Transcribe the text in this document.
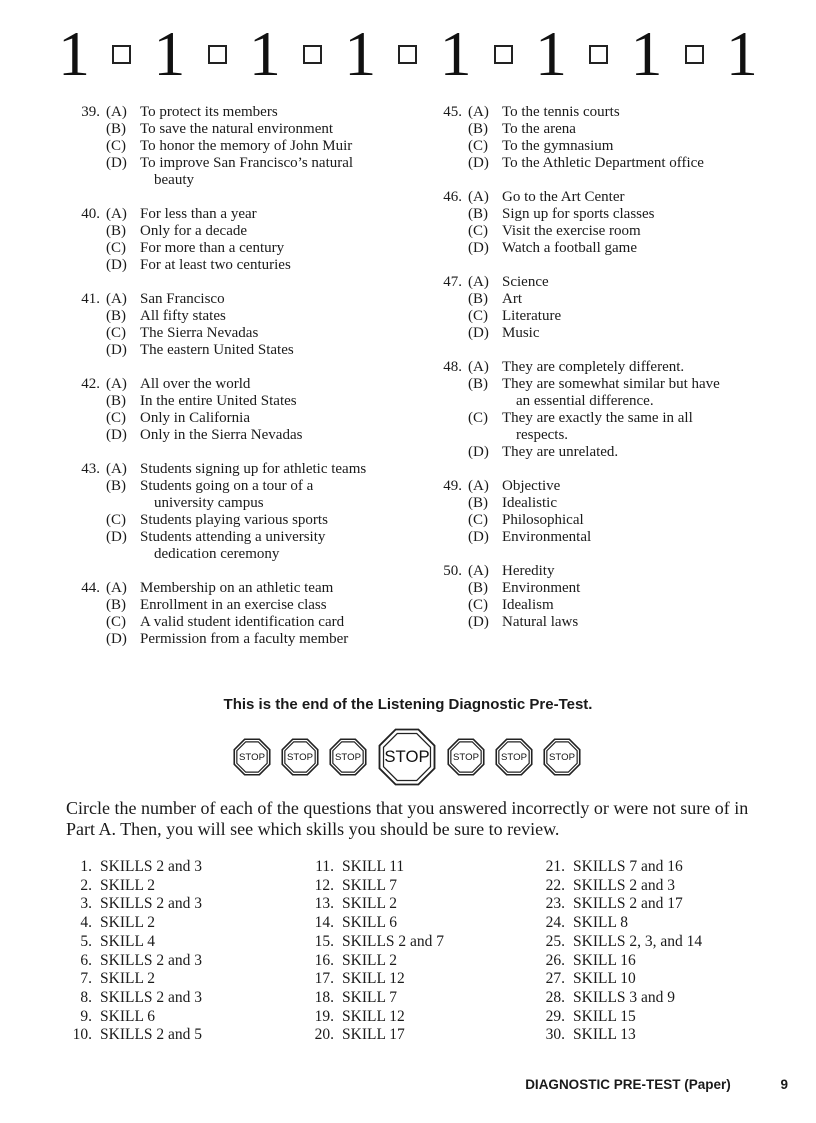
1 1 1 1 1 1 1 1
39. (A) To protect its members
(B) To save the natural environment
(C) To honor the memory of John Muir
(D) To improve San Francisco’s natural
beauty
40. (A) For less than a year
(B) Only for a decade
(C) For more than a century
(D) For at least two centuries
41. (A) San Francisco
(B) All fifty states
(C) The Sierra Nevadas
(D) The eastern United States
42. (A) All over the world
(B) In the entire United States
(C) Only in California
(D) Only in the Sierra Nevadas
43. (A) Students signing up for athletic teams
(B) Students going on a tour of a
university campus
(C) Students playing various sports
(D) Students attending a university
dedication ceremony
44. (A) Membership on an athletic team
(B) Enrollment in an exercise class
(C) A valid student identification card
(D) Permission from a faculty member
45. (A) To the tennis courts
(B) To the arena
(C) To the gymnasium
(D) To the Athletic Department office
46. (A) Go to the Art Center
(B) Sign up for sports classes
(C) Visit the exercise room
(D) Watch a football game
47. (A) Science
(B) Art
(C) Literature
(D) Music
48. (A) They are completely different.
(B) They are somewhat similar but have
an essential difference.
(C) They are exactly the same in all
respects.
(D) They are unrelated.
49. (A) Objective
(B) Idealistic
(C) Philosophical
(D) Environmental
50. (A) Heredity
(B) Environment
(C) Idealism
(D) Natural laws
This is the end of the Listening Diagnostic Pre-Test.
STOP STOP STOP STOP STOP STOP STOP
Circle the number of each of the questions that you answered incorrectly or were not sure of in Part A. Then, you will see which skills you should be sure to review.
1. SKILLS 2 and 3
2. SKILL 2
3. SKILLS 2 and 3
4. SKILL 2
5. SKILL 4
6. SKILLS 2 and 3
7. SKILL 2
8. SKILLS 2 and 3
9. SKILL 6
10. SKILLS 2 and 5
11. SKILL 11
12. SKILL 7
13. SKILL 2
14. SKILL 6
15. SKILLS 2 and 7
16. SKILL 2
17. SKILL 12
18. SKILL 7
19. SKILL 12
20. SKILL 17
21. SKILLS 7 and 16
22. SKILLS 2 and 3
23. SKILLS 2 and 17
24. SKILL 8
25. SKILLS 2, 3, and 14
26. SKILL 16
27. SKILL 10
28. SKILLS 3 and 9
29. SKILL 15
30. SKILL 13
DIAGNOSTIC PRE-TEST (Paper)	9
